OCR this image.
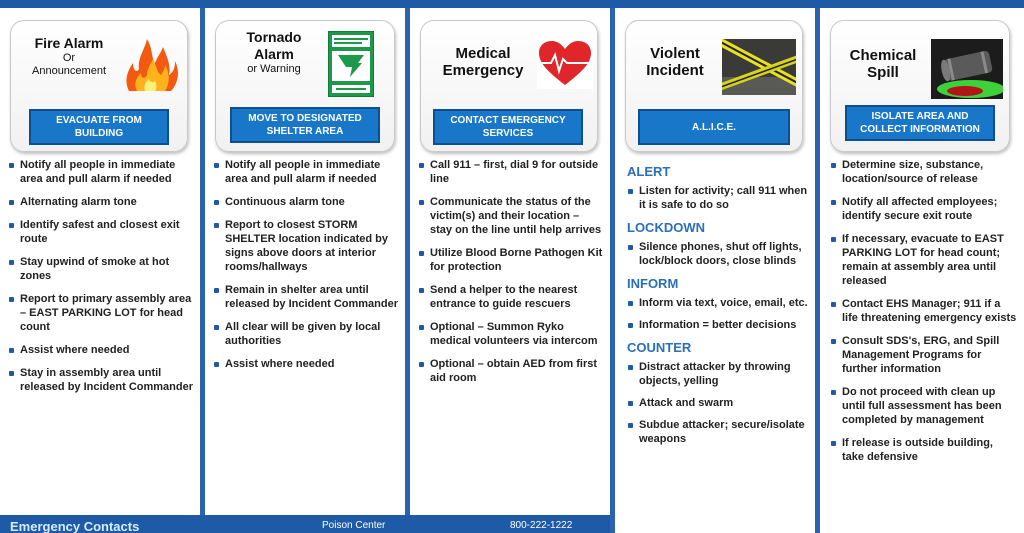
Fire Alarm
Or
Announcement
EVACUATE FROM BUILDING
Notify all people in immediate area and pull alarm if needed
Alternating alarm tone
Identify safest and closest exit route
Stay upwind of smoke at hot zones
Report to primary assembly area – EAST PARKING LOT for head count
Assist where needed
Stay in assembly area until released by Incident Commander
Tornado
Alarm
or Warning
MOVE TO DESIGNATED SHELTER AREA
Notify all people in immediate area and pull alarm if needed
Continuous alarm tone
Report to closest STORM SHELTER location indicated by signs above doors at interior rooms/hallways
Remain in shelter area until released by Incident Commander
All clear will be given by local authorities
Assist where needed
Medical
Emergency
CONTACT EMERGENCY SERVICES
Call 911 – first, dial 9 for outside line
Communicate the status of the victim(s) and their location – stay on the line until help arrives
Utilize Blood Borne Pathogen Kit for protection
Send a helper to the nearest entrance to guide rescuers
Optional – Summon Ryko medical volunteers via intercom
Optional – obtain AED from first aid room
Violent
Incident
A.L.I.C.E.
ALERT
Listen for activity; call 911 when it is safe to do so
LOCKDOWN
Silence phones, shut off lights, lock/block doors, close blinds
INFORM
Inform via text, voice, email, etc.
Information = better decisions
COUNTER
Distract attacker by throwing objects, yelling
Attack and swarm
Subdue attacker; secure/isolate weapons
Chemical
Spill
ISOLATE AREA AND COLLECT INFORMATION
Determine size, substance, location/source of release
Notify all affected employees; identify secure exit route
If necessary, evacuate to EAST PARKING LOT for head count; remain at assembly area until released
Contact EHS Manager; 911 if a life threatening emergency exists
Consult SDS's, ERG, and Spill Management Programs for further information
Do not proceed with clean up until full assessment has been completed by management
If release is outside building, take defensive
Emergency Contacts	Poison Center	800-222-1222
